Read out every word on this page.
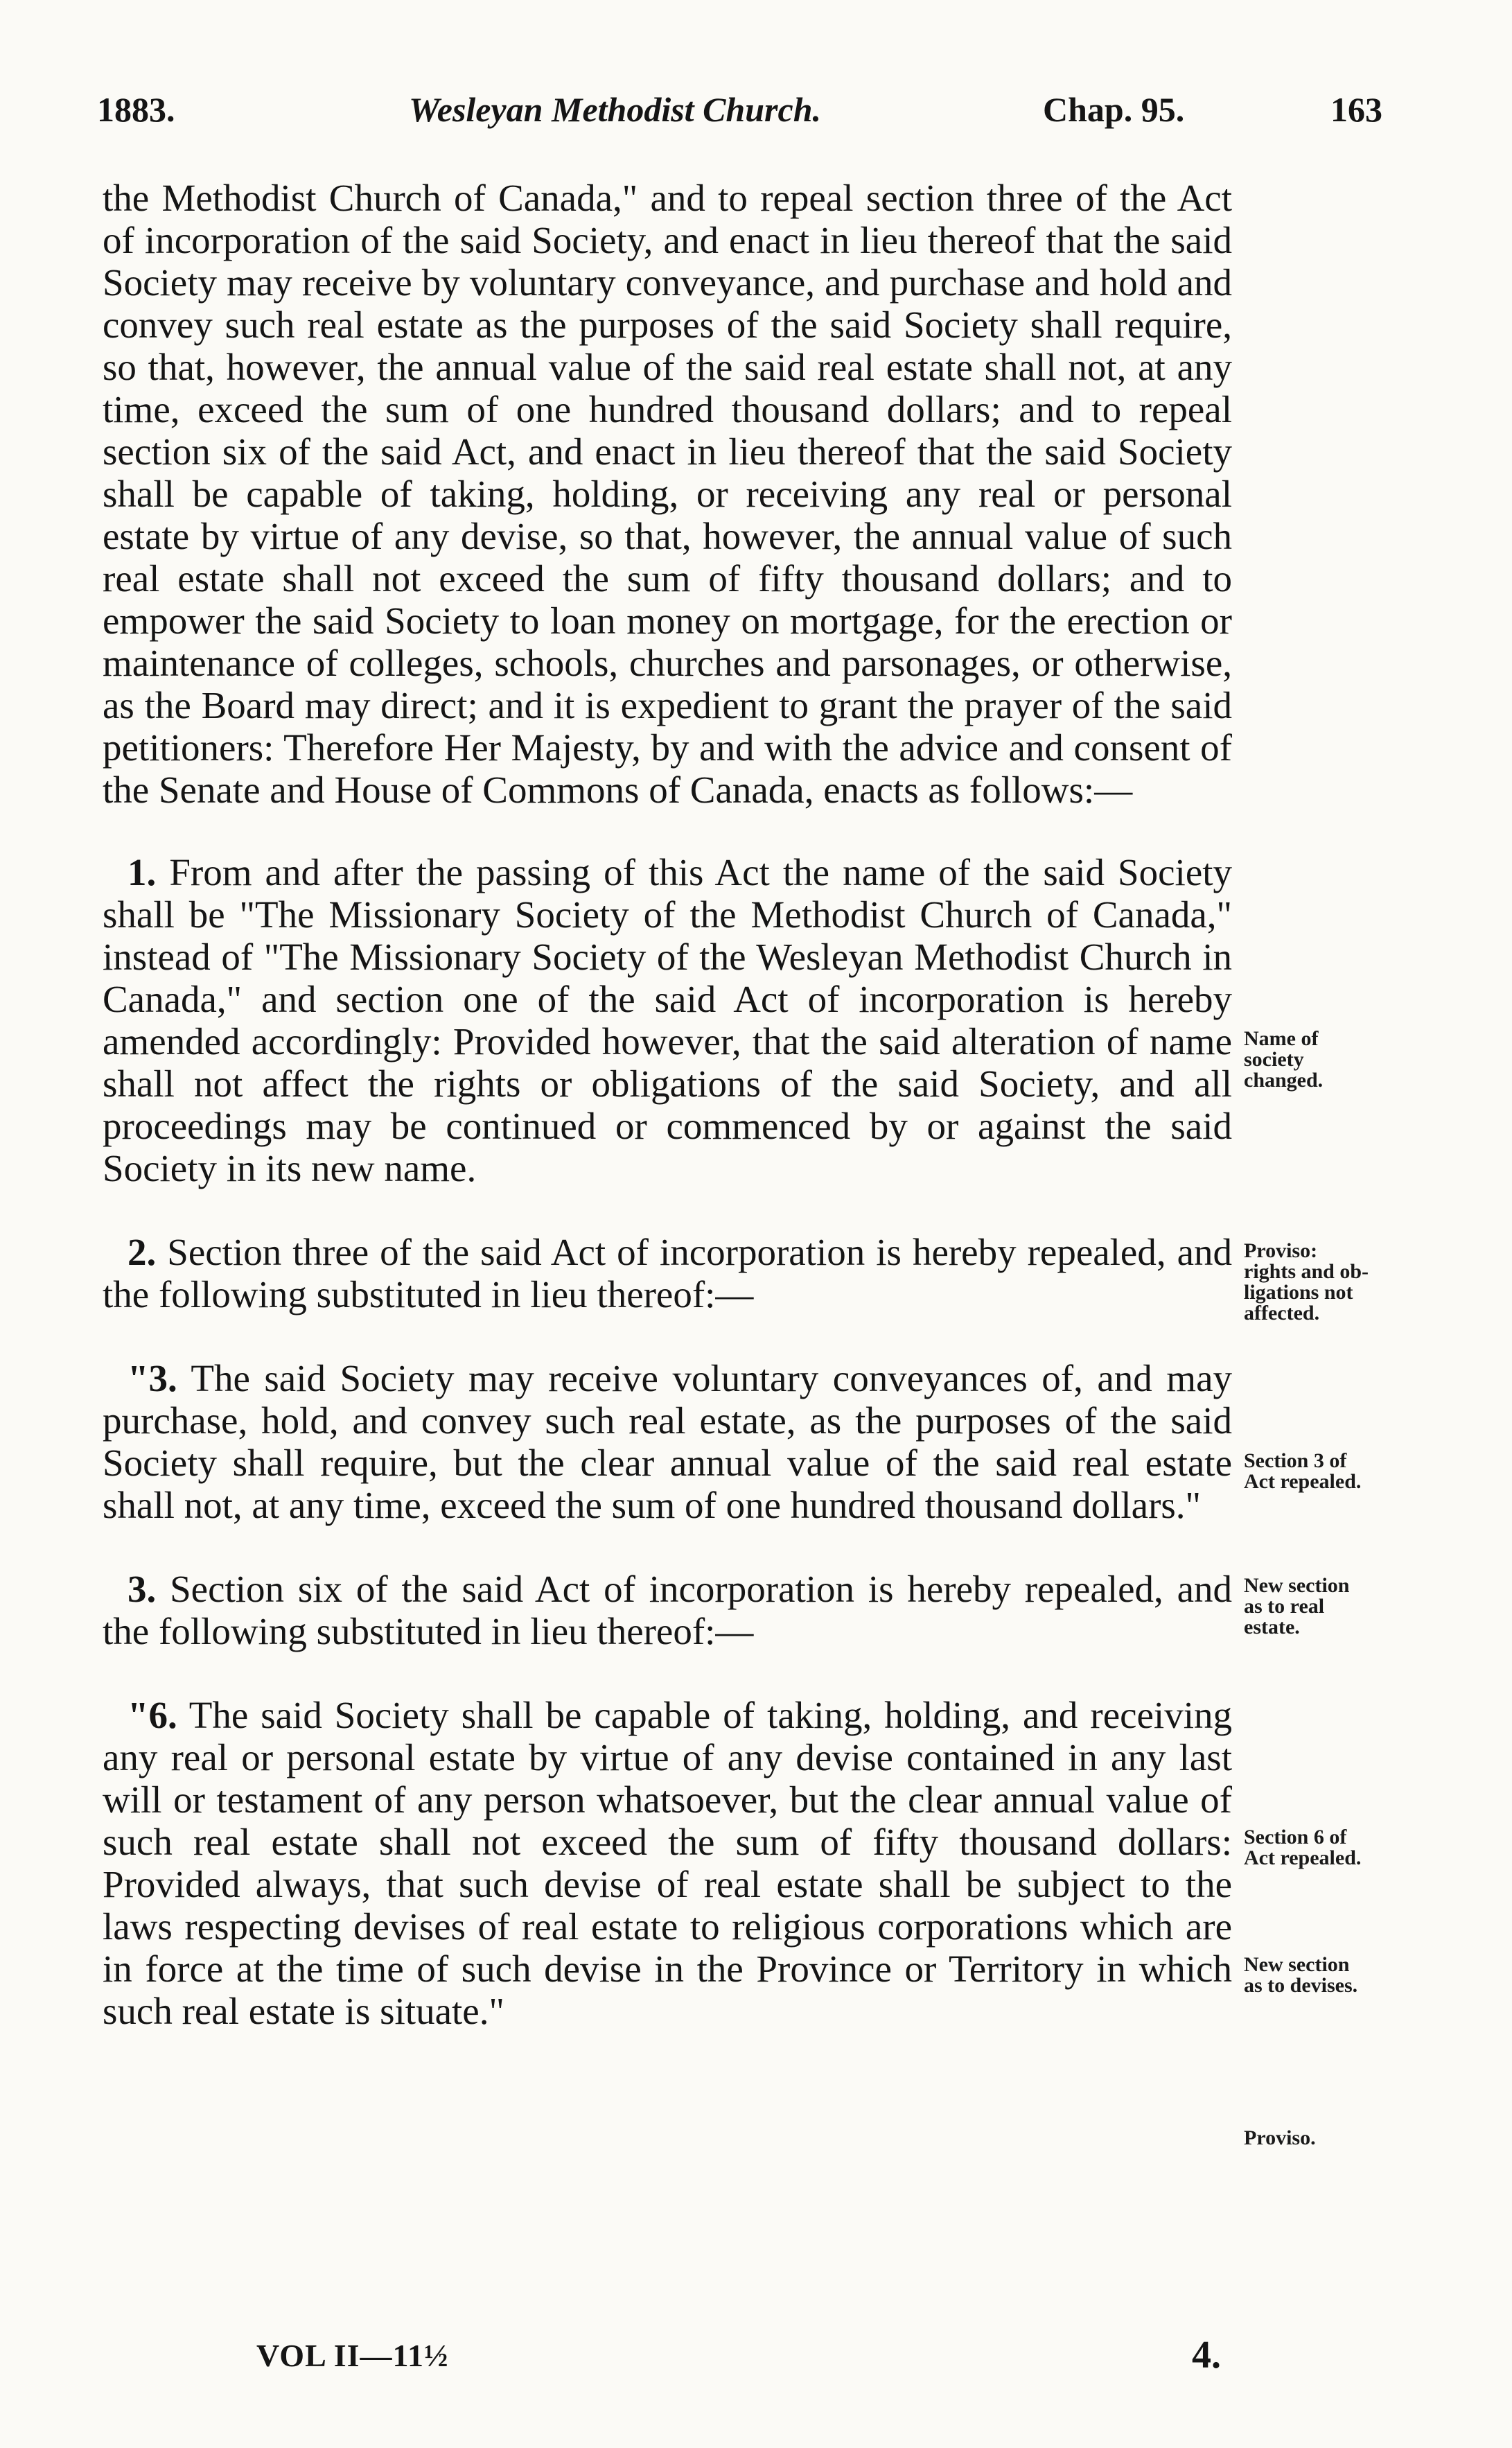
1883.	Wesleyan Methodist Church.	Chap. 95.	163

the Methodist Church of Canada," and to repeal section three of the Act of incorporation of the said Society, and enact in lieu thereof that the said Society may receive by voluntary conveyance, and purchase and hold and convey such real estate as the purposes of the said Society shall require, so that, however, the annual value of the said real estate shall not, at any time, exceed the sum of one hundred thousand dollars; and to repeal section six of the said Act, and enact in lieu thereof that the said Society shall be capable of taking, holding, or receiving any real or personal estate by virtue of any devise, so that, however, the annual value of such real estate shall not exceed the sum of fifty thousand dollars; and to empower the said Society to loan money on mortgage, for the erection or maintenance of colleges, schools, churches and parsonages, or otherwise, as the Board may direct; and it is expedient to grant the prayer of the said petitioners: Therefore Her Majesty, by and with the advice and consent of the Senate and House of Commons of Canada, enacts as follows:—

1. From and after the passing of this Act the name of the said Society shall be "The Missionary Society of the Methodist Church of Canada," instead of "The Missionary Society of the Wesleyan Methodist Church in Canada," and section one of the said Act of incorporation is hereby amended accordingly: Provided however, that the said alteration of name shall not affect the rights or obligations of the said Society, and all proceedings may be continued or commenced by or against the said Society in its new name.

2. Section three of the said Act of incorporation is hereby repealed, and the following substituted in lieu thereof:—

"3. The said Society may receive voluntary conveyances of, and may purchase, hold, and convey such real estate, as the purposes of the said Society shall require, but the clear annual value of the said real estate shall not, at any time, exceed the sum of one hundred thousand dollars."

3. Section six of the said Act of incorporation is hereby repealed, and the following substituted in lieu thereof:—

"6. The said Society shall be capable of taking, holding, and receiving any real or personal estate by virtue of any devise contained in any last will or testament of any person whatsoever, but the clear annual value of such real estate shall not exceed the sum of fifty thousand dollars: Provided always, that such devise of real estate shall be subject to the laws respecting devises of real estate to religious corporations which are in force at the time of such devise in the Province or Territory in which such real estate is situate."

Name of
society
changed.
Proviso:
rights and ob-
ligations not
affected.
Section 3 of
Act repealed.
New section
as to real
estate.
Section 6 of
Act repealed.
New section
as to devises.
Proviso.
VOL II—11½	4.
